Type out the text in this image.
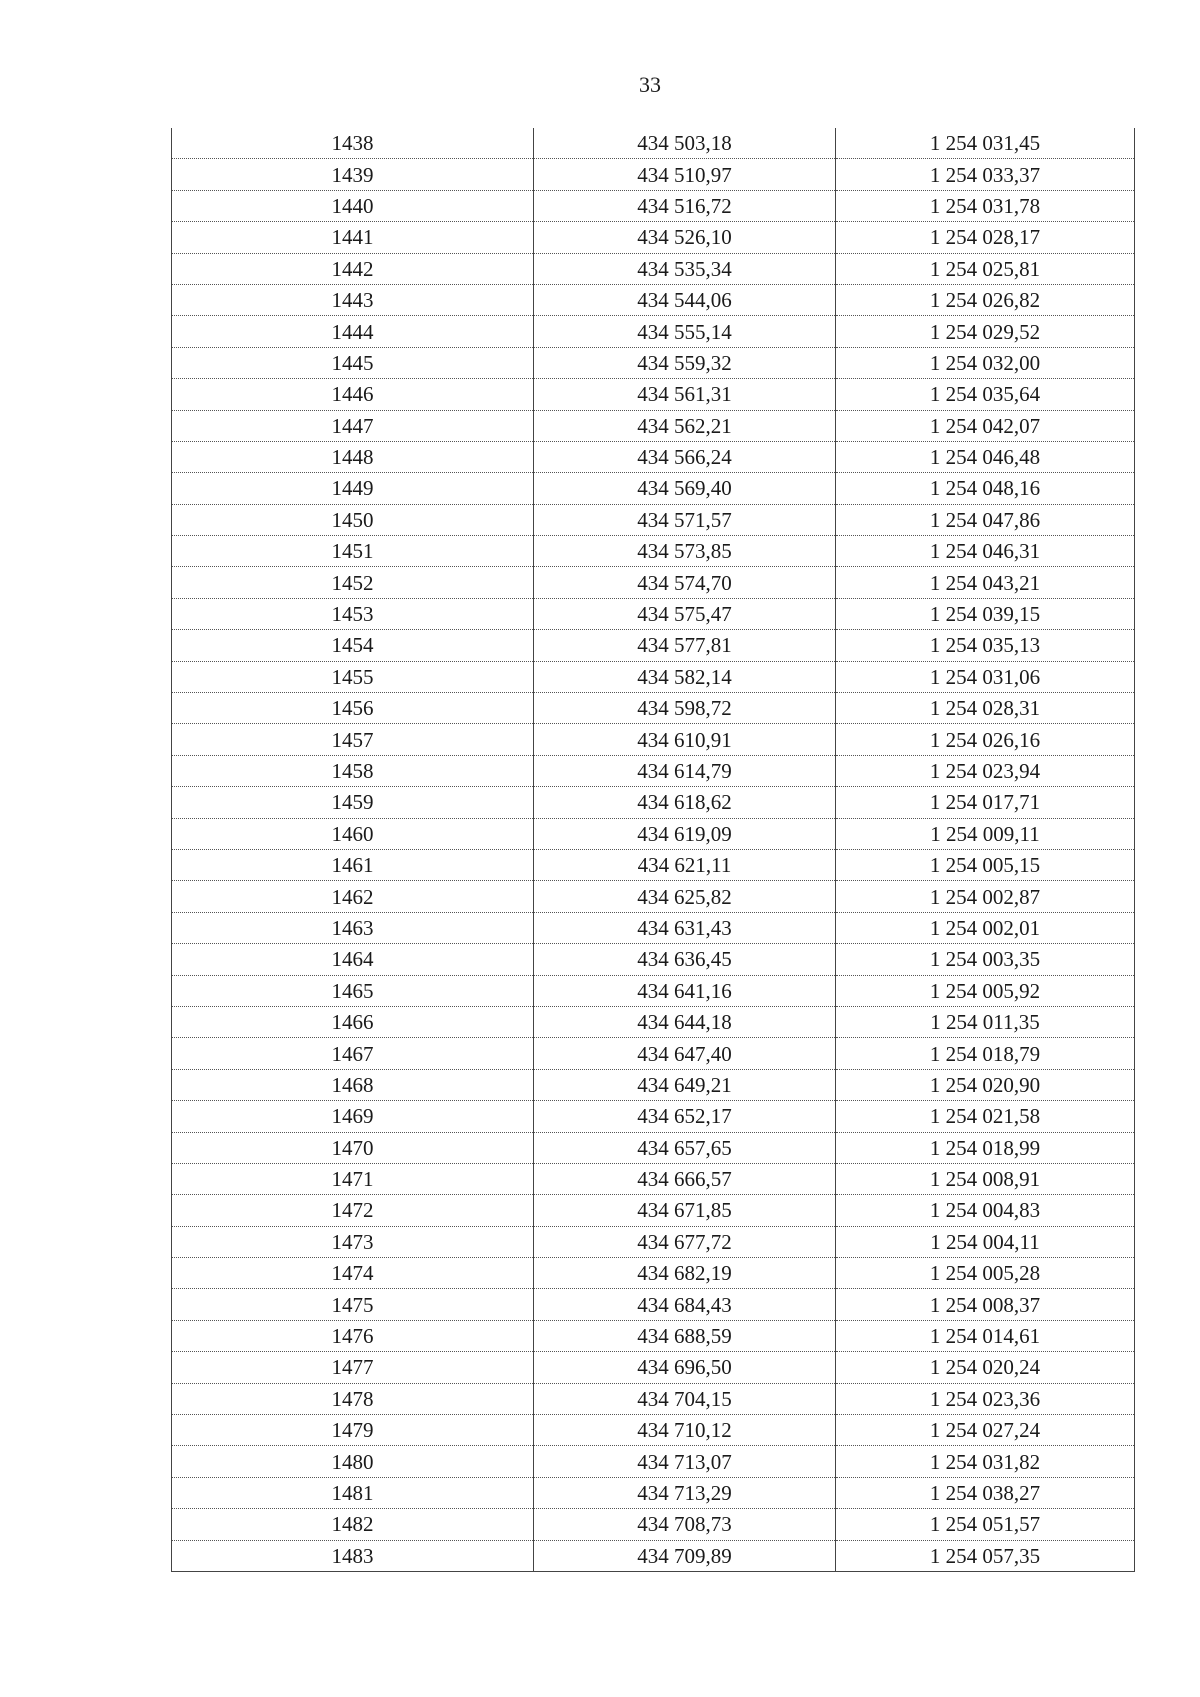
33
1438	434 503,18	1 254 031,45
1439	434 510,97	1 254 033,37
1440	434 516,72	1 254 031,78
1441	434 526,10	1 254 028,17
1442	434 535,34	1 254 025,81
1443	434 544,06	1 254 026,82
1444	434 555,14	1 254 029,52
1445	434 559,32	1 254 032,00
1446	434 561,31	1 254 035,64
1447	434 562,21	1 254 042,07
1448	434 566,24	1 254 046,48
1449	434 569,40	1 254 048,16
1450	434 571,57	1 254 047,86
1451	434 573,85	1 254 046,31
1452	434 574,70	1 254 043,21
1453	434 575,47	1 254 039,15
1454	434 577,81	1 254 035,13
1455	434 582,14	1 254 031,06
1456	434 598,72	1 254 028,31
1457	434 610,91	1 254 026,16
1458	434 614,79	1 254 023,94
1459	434 618,62	1 254 017,71
1460	434 619,09	1 254 009,11
1461	434 621,11	1 254 005,15
1462	434 625,82	1 254 002,87
1463	434 631,43	1 254 002,01
1464	434 636,45	1 254 003,35
1465	434 641,16	1 254 005,92
1466	434 644,18	1 254 011,35
1467	434 647,40	1 254 018,79
1468	434 649,21	1 254 020,90
1469	434 652,17	1 254 021,58
1470	434 657,65	1 254 018,99
1471	434 666,57	1 254 008,91
1472	434 671,85	1 254 004,83
1473	434 677,72	1 254 004,11
1474	434 682,19	1 254 005,28
1475	434 684,43	1 254 008,37
1476	434 688,59	1 254 014,61
1477	434 696,50	1 254 020,24
1478	434 704,15	1 254 023,36
1479	434 710,12	1 254 027,24
1480	434 713,07	1 254 031,82
1481	434 713,29	1 254 038,27
1482	434 708,73	1 254 051,57
1483	434 709,89	1 254 057,35
